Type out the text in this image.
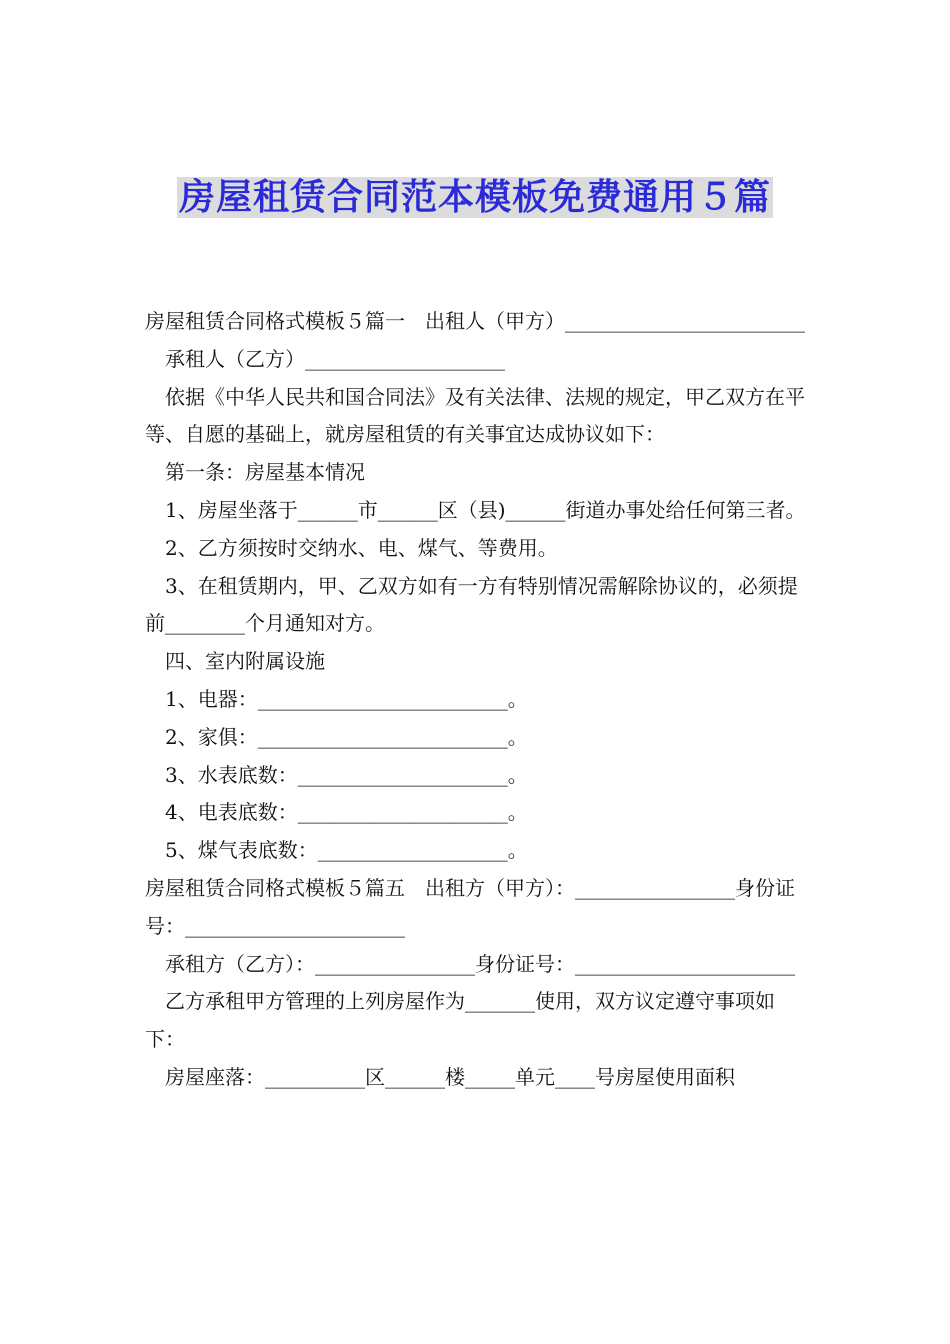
房屋租赁合同范本模板免费通用５篇

房屋租赁合同格式模板５篇一　出租人（甲方）________________________

　承租人（乙方）____________________

　依据《中华人民共和国合同法》及有关法律、法规的规定，甲乙双方在平等、自愿的基础上，就房屋租赁的有关事宜达成协议如下：

　第一条：房屋基本情况

　1、房屋坐落于______市______区（县)______街道办事处给任何第三者。

　2、乙方须按时交纳水、电、煤气、等费用。

　3、在租赁期内，甲、乙双方如有一方有特别情况需解除协议的，必须提前________个月通知对方。

　四、室内附属设施

　1、电器：_________________________。

　2、家俱：_________________________。

　3、水表底数：_____________________。

　4、电表底数：_____________________。

　5、煤气表底数：___________________。

房屋租赁合同格式模板５篇五　出租方（甲方）：________________身份证号：______________________

　承租方（乙方）：________________身份证号：______________________

　乙方承租甲方管理的上列房屋作为_______使用，双方议定遵守事项如下：

　房屋座落：__________区______楼_____单元____号房屋使用面积
